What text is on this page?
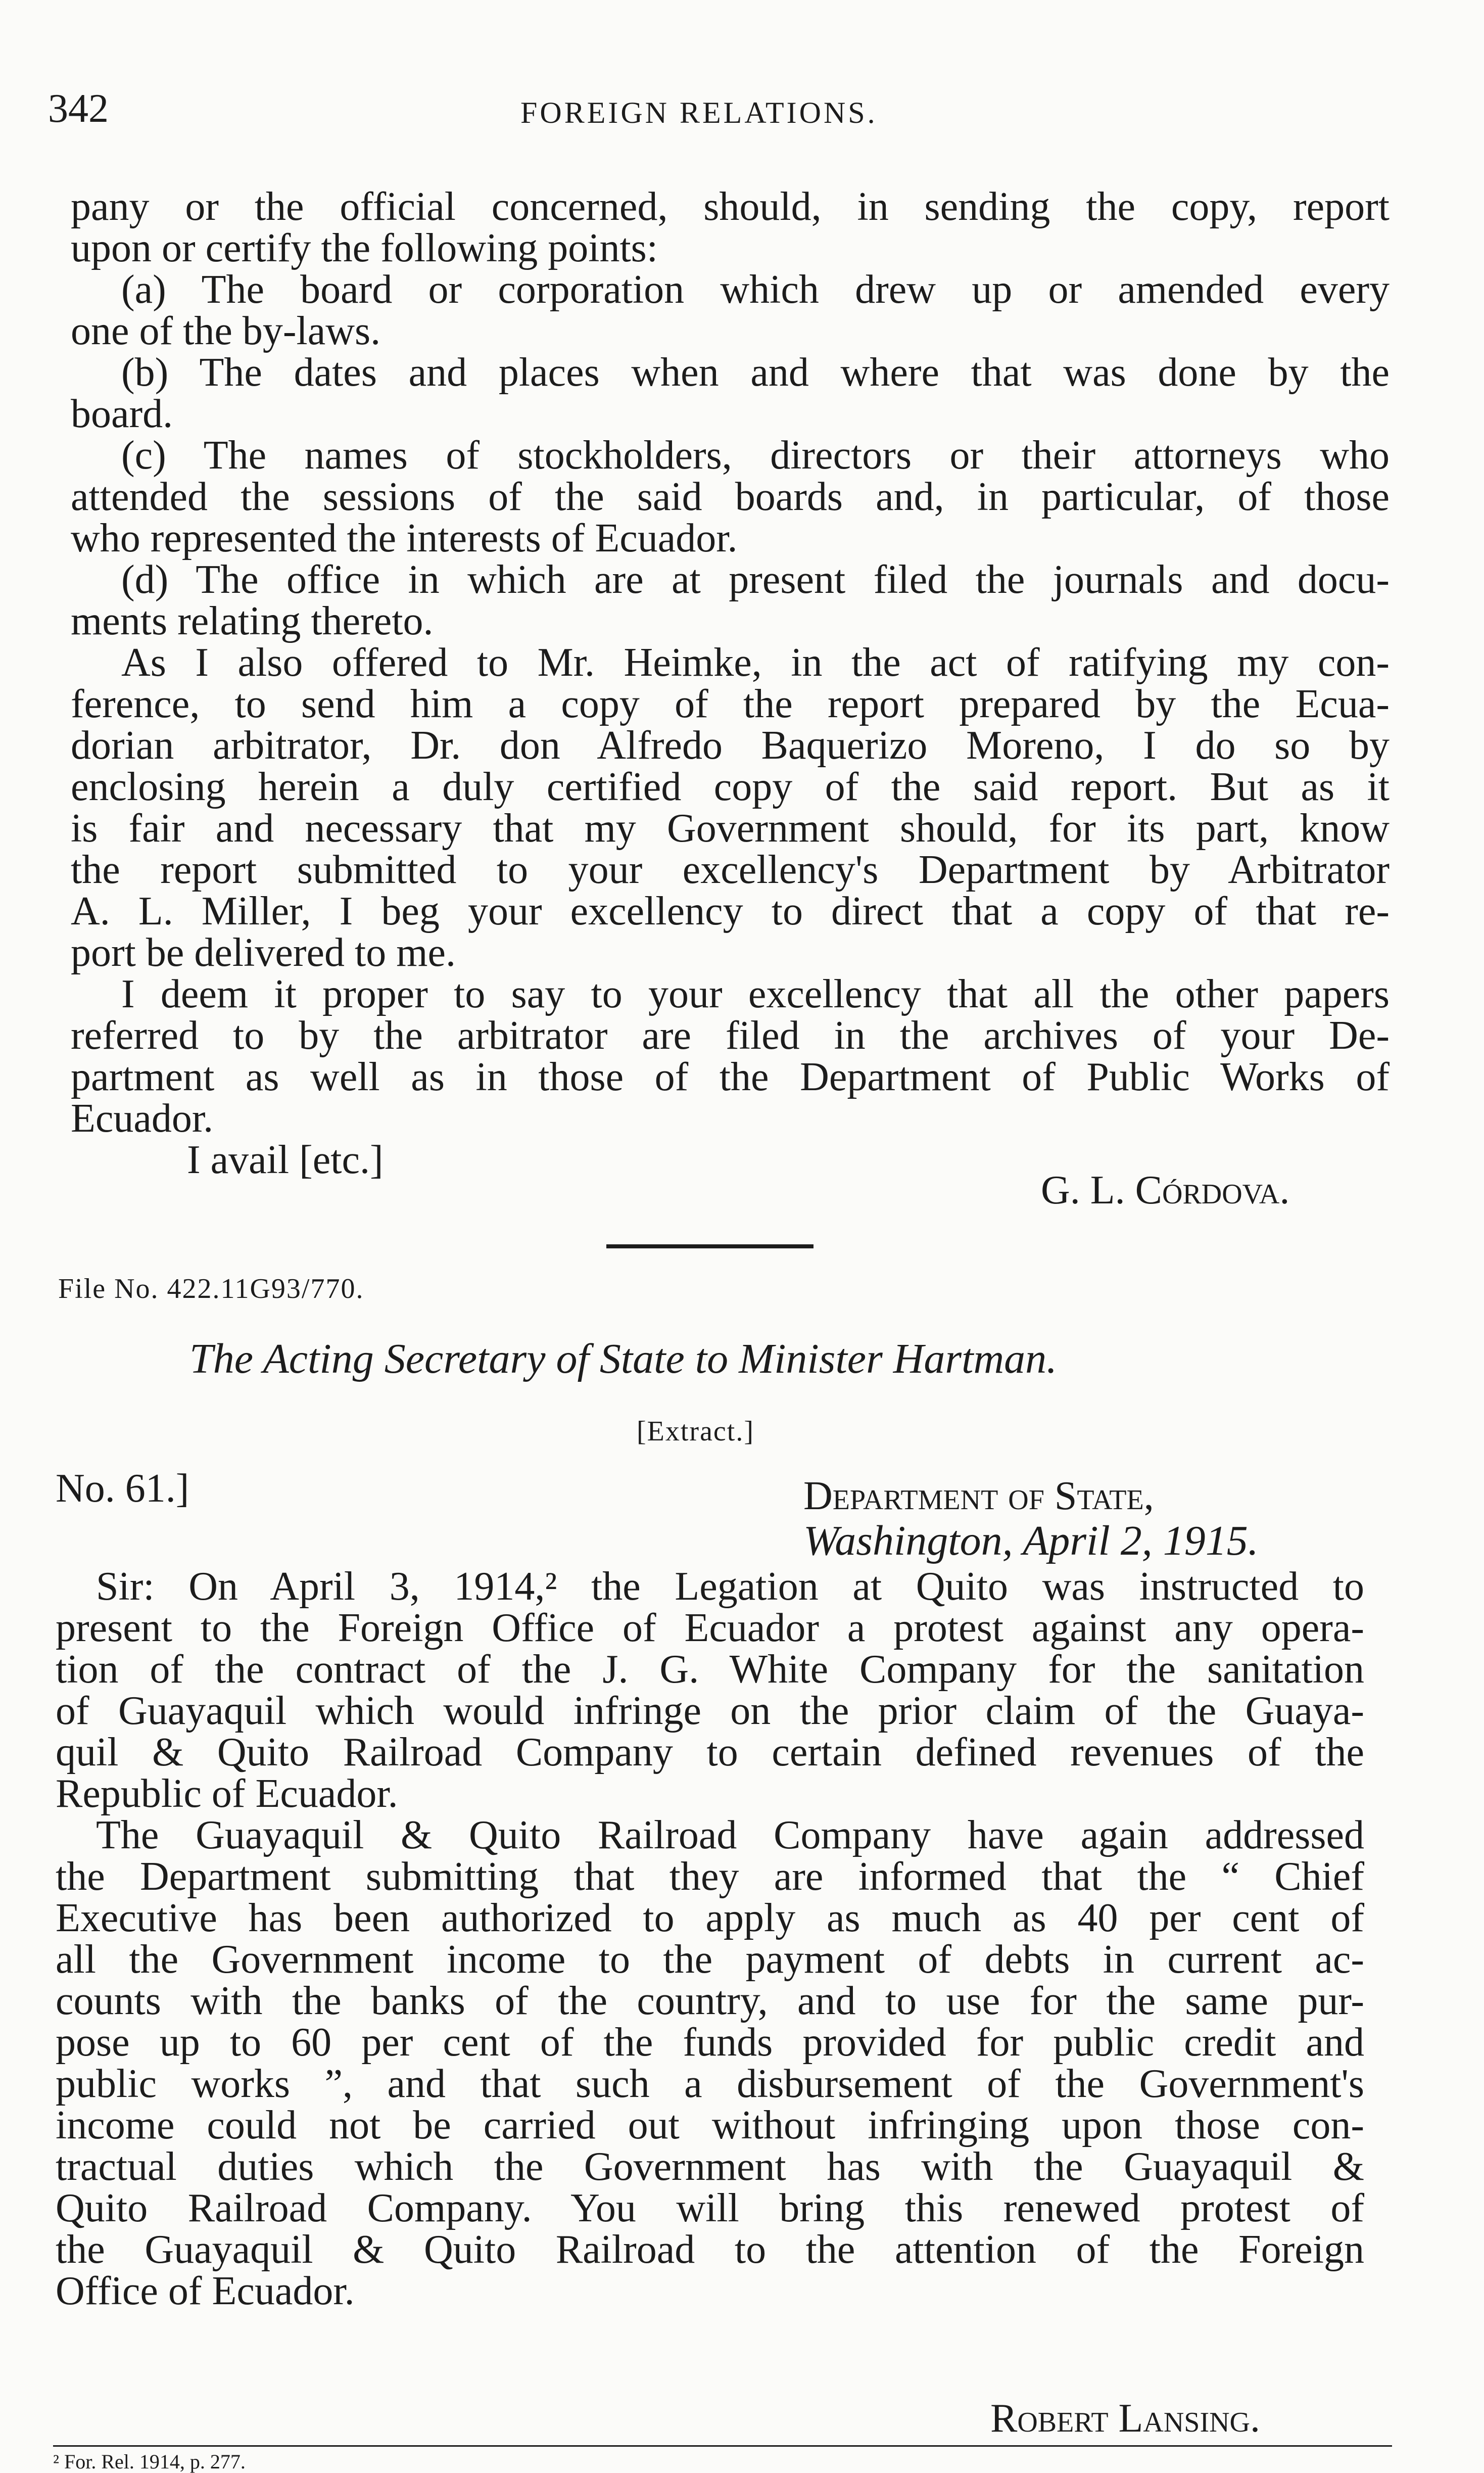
342	FOREIGN RELATIONS.
pany or the official concerned, should, in sending the copy, report
upon or certify the following points:
(a) The board or corporation which drew up or amended every
one of the by-laws.
(b) The dates and places when and where that was done by the
board.
(c) The names of stockholders, directors or their attorneys who
attended the sessions of the said boards and, in particular, of those
who represented the interests of Ecuador.
(d) The office in which are at present filed the journals and docu-
ments relating thereto.
As I also offered to Mr. Heimke, in the act of ratifying my con-
ference, to send him a copy of the report prepared by the Ecua-
dorian arbitrator, Dr. don Alfredo Baquerizo Moreno, I do so by
enclosing herein a duly certified copy of the said report. But as it
is fair and necessary that my Government should, for its part, know
the report submitted to your excellency's Department by Arbitrator
A. L. Miller, I beg your excellency to direct that a copy of that re-
port be delivered to me.
I deem it proper to say to your excellency that all the other papers
referred to by the arbitrator are filed in the archives of your De-
partment as well as in those of the Department of Public Works of
Ecuador.
I avail [etc.]
G. L. Córdova.
File No. 422.11G93/770.
The Acting Secretary of State to Minister Hartman.
[Extract.]
No. 61.]	Department of State,
Washington, April 2, 1915.
Sir: On April 3, 1914,² the Legation at Quito was instructed to
present to the Foreign Office of Ecuador a protest against any opera-
tion of the contract of the J. G. White Company for the sanitation
of Guayaquil which would infringe on the prior claim of the Guaya-
quil & Quito Railroad Company to certain defined revenues of the
Republic of Ecuador.
The Guayaquil & Quito Railroad Company have again addressed
the Department submitting that they are informed that the “ Chief
Executive has been authorized to apply as much as 40 per cent of
all the Government income to the payment of debts in current ac-
counts with the banks of the country, and to use for the same pur-
pose up to 60 per cent of the funds provided for public credit and
public works ”, and that such a disbursement of the Government's
income could not be carried out without infringing upon those con-
tractual duties which the Government has with the Guayaquil &
Quito Railroad Company. You will bring this renewed protest of
the Guayaquil & Quito Railroad to the attention of the Foreign
Office of Ecuador.
Robert Lansing.
² For. Rel. 1914, p. 277.
